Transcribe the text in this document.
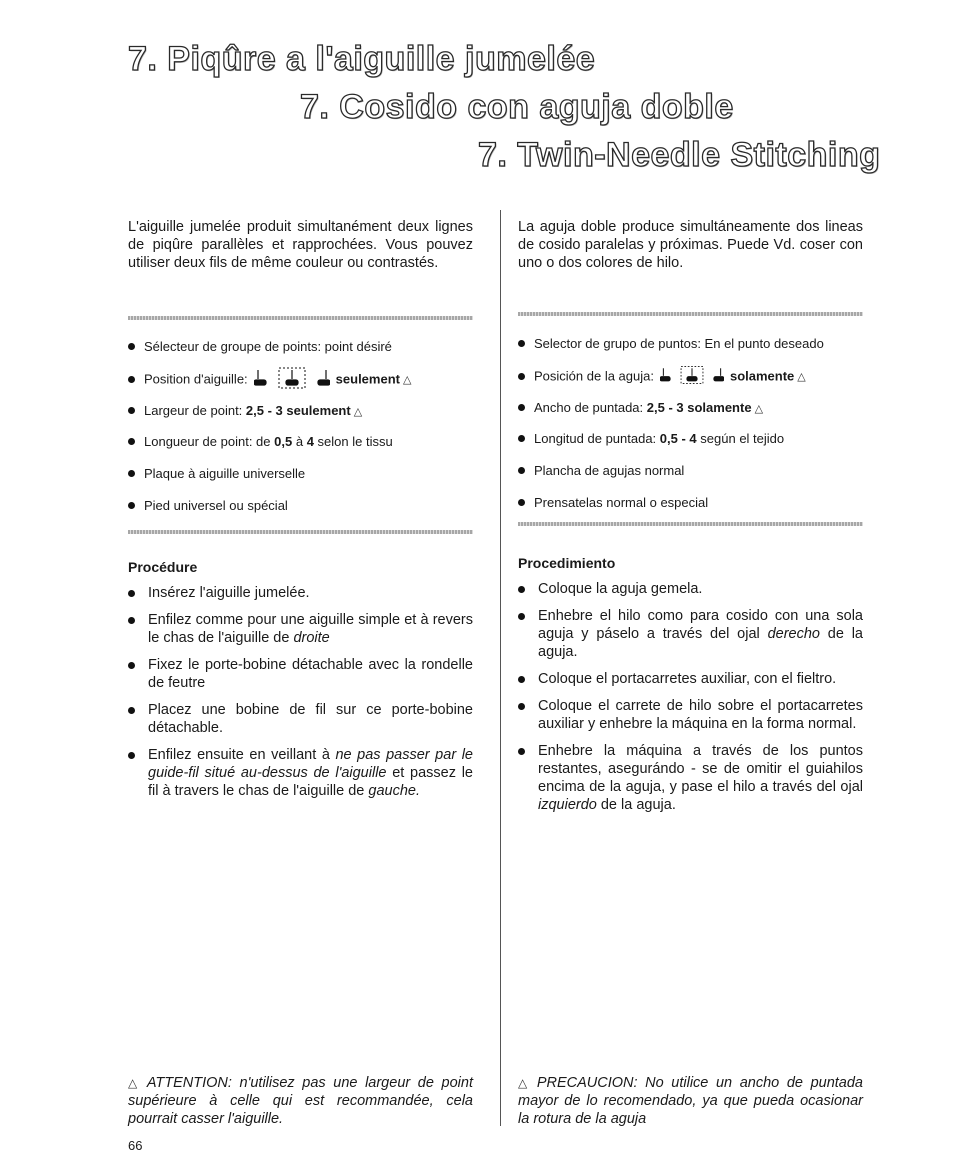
7. Piqûre a l'aiguille jumelée
7. Cosido con aguja doble
7. Twin-Needle Stitching

L'aiguille jumelée produit simultanément deux lignes de piqûre parallèles et rapprochées. Vous pouvez utiliser deux fils de même couleur ou contrastés.

Sélecteur de groupe de points: point désiré
Position d'aiguille:	seulement △
Largeur de point: 2,5 - 3 seulement △
Longueur de point: de 0,5 à 4 selon le tissu
Plaque à aiguille universelle
Pied universel ou spécial
Procédure
Insérez l'aiguille jumelée.
Enfilez comme pour une aiguille simple et à revers le chas de l'aiguille de droite
Fixez le porte-bobine détachable avec la rondelle de feutre
Placez une bobine de fil sur ce porte-bobine détachable.
Enfilez ensuite en veillant à ne pas passer par le guide-fil situé au-dessus de l'aiguille et passez le fil à travers le chas de l'aiguille de gauche.

△ ATTENTION: n'utilisez pas une largeur de point supérieure à celle qui est recommandée, cela pourrait casser l'aiguille.

La aguja doble produce simultáneamente dos lineas de cosido paralelas y próximas. Puede Vd. coser con uno o dos colores de hilo.

Selector de grupo de puntos: En el punto deseado
Posición de la aguja:	solamente △
Ancho de puntada: 2,5 - 3 solamente △
Longitud de puntada: 0,5 - 4 según el tejido
Plancha de agujas normal
Prensatelas normal o especial
Procedimiento
Coloque la aguja gemela.
Enhebre el hilo como para cosido con una sola aguja y páselo a través del ojal derecho de la aguja.
Coloque el portacarretes auxiliar, con el fieltro.
Coloque el carrete de hilo sobre el portacarretes auxiliar y enhebre la máquina en la forma normal.
Enhebre la máquina a través de los puntos restantes, asegurándo - se de omitir el guiahilos encima de la aguja, y pase el hilo a través del ojal izquierdo de la aguja.

△ PRECAUCION: No utilice un ancho de puntada mayor de lo recomendado, ya que pueda ocasionar la rotura de la aguja

66
